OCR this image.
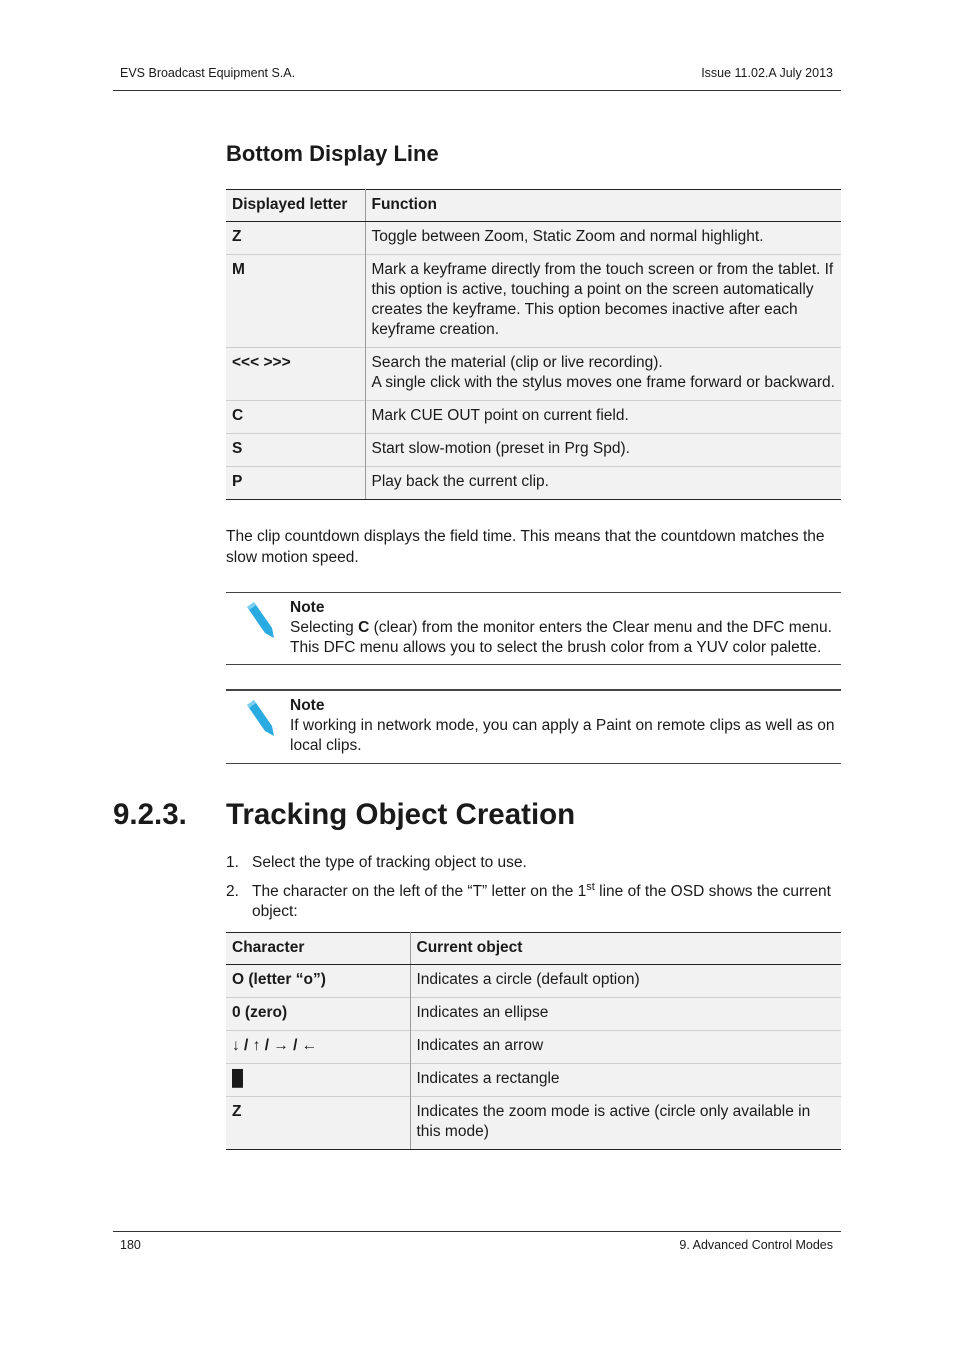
EVS Broadcast Equipment S.A.	Issue 11.02.A July 2013
Bottom Display Line
Displayed letter	Function
Z	Toggle between Zoom, Static Zoom and normal highlight.
M	Mark a keyframe directly from the touch screen or from the tablet. If this option is active, touching a point on the screen automatically creates the keyframe. This option becomes inactive after each keyframe creation.
<<< >>>	Search the material (clip or live recording).
A single click with the stylus moves one frame forward or backward.

C	Mark CUE OUT point on current field.
S	Start slow-motion (preset in Prg Spd).
P	Play back the current clip.
The clip countdown displays the field time. This means that the countdown matches the slow motion speed.
Note
Selecting C (clear) from the monitor enters the Clear menu and the DFC menu. This DFC menu allows you to select the brush color from a YUV color palette.
Note
If working in network mode, you can apply a Paint on remote clips as well as on local clips.
9.2.3. Tracking Object Creation
1. Select the type of tracking object to use.
2. The character on the left of the “T” letter on the 1st line of the OSD shows the current object:
Character	Current object
O (letter “o”)	Indicates a circle (default option)
0 (zero)	Indicates an ellipse
↓ / ↑ / → / ←	Indicates an arrow
█	Indicates a rectangle
Z	Indicates the zoom mode is active (circle only available in this mode)
180	9. Advanced Control Modes
